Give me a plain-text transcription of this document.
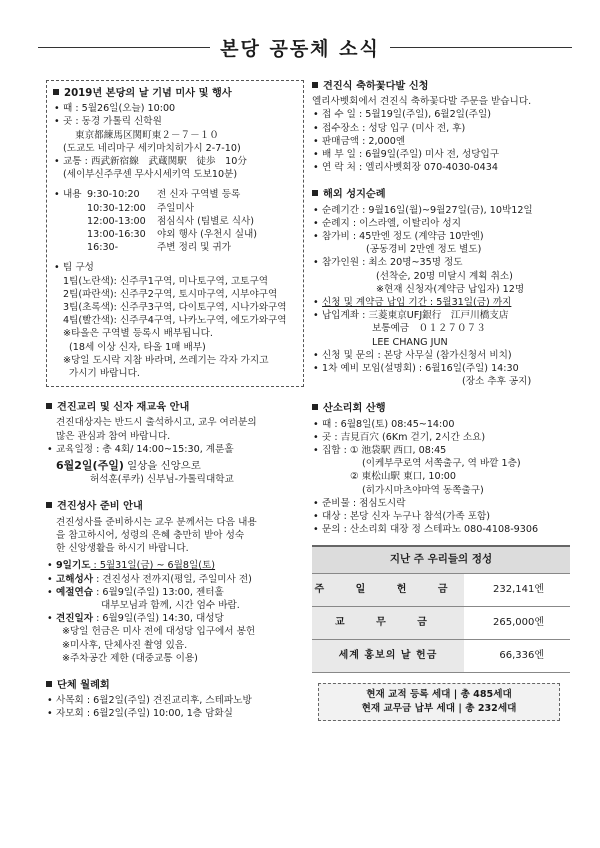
본당 공동체 소식
2019년 본당의 날 기념 미사 및 행사
• 때 : 5월26일(오늘) 10:00
• 곳 : 동경 가톨릭 신학원
東京都練馬区関町東２－７－１０
(도교도 네리마구 세키마치히가시 2-7-10)
• 교통 : 西武新宿線　武蔵関駅　徒歩　10分
(세이부신주쿠센 무사시세키역 도보10분)
• 내용 9:30-10:20	전 신자 구역별 등록
10:30-12:00	주일미사
12:00-13:00	점심식사 (팀별로 식사)
13:00-16:30	야외 행사 (우천시 실내)
16:30-	주변 정리 및 귀가
• 팀 구성
1팀(노란색): 신주쿠1구역, 미나토구역, 고토구역
2팀(파란색): 신주쿠2구역, 토시마구역, 시부야구역
3팀(초록색): 신주쿠3구역, 다이토구역, 시나가와구역
4팀(빨간색): 신주쿠4구역, 나카노구역, 에도가와구역
※타올은 구역별 등록시 배부됩니다.
(18세 이상 신자, 타올 1매 배부)
※당일 도시락 지참 바라며, 쓰레기는 각자 가지고
가시기 바랍니다.
견진교리 및 신자 재교육 안내
견진대상자는 반드시 출석하시고, 교우 여러분의
많은 관심과 참여 바랍니다.
• 교육일정 : 총 4회/ 14:00~15:30, 계룬홀
6월2일(주일) 일상을 신앙으로
허석훈(루카) 신부님-가톨릭대학교
견진성사 준비 안내
견진성사를 준비하시는 교우 분께서는 다음 내용
을 참고하시어, 성령의 은혜 충만히 받아 성숙
한 신앙생활을 하시기 바랍니다.
• 9일기도 : 5월31일(금) ~ 6월8일(토)
• 고해성사 : 견진성사 전까지(평일, 주일미사 전)
• 예절연습 : 6월9일(주일) 13:00, 젠터홀
대부모님과 함께, 시간 엄수 바람.
• 견진일자 : 6월9일(주일) 14:30, 대성당
※당일 헌금은 미사 전에 대성당 입구에서 봉헌
※미사후, 단체사진 촬영 있음.
※주차공간 제한 (대중교통 이용)
단체 월례회
• 사목회 : 6월2일(주일) 견진교리후, 스테파노방
• 자모회 : 6월2일(주일) 10:00, 1층 담화실
견진식 축하꽃다발 신청
엘리사벳회에서 견진식 축하꽃다발 주문을 받습니다.
• 접 수 일 : 5월19일(주일), 6월2일(주일)
• 접수장소 : 성당 입구 (미사 전, 후)
• 판매금액 : 2,000엔
• 배 부 일 : 6월9일(주일) 미사 전, 성당입구
• 연 락 처 : 엘리사벳회장 070-4030-0434
해외 성지순례
• 순례기간 : 9월16일(월)~9월27일(금), 10박12일
• 순례지 : 이스라엘, 이탈리아 성지
• 참가비 : 45만엔 정도 (계약금 10만엔)
(공동경비 2만엔 정도 별도)
• 참가인원 : 최소 20명~35명 정도
(선착순, 20명 미달시 계획 취소)
※현재 신청자(계약금 납입자) 12명
• 신청 및 계약금 납입 기간 : 5월31일(금) 까지
• 납입계좌 : 三菱東京UFJ銀行　江戸川橋支店
보통예금　０１２７０７３
LEE CHANG JUN
• 신청 및 문의 : 본당 사무실 (참가신청서 비치)
• 1차 예비 모임(설명회) : 6월16일(주일) 14:30
(장소 추후 공지)
산소리회 산행
• 때 : 6월8일(토) 08:45~14:00
• 곳 : 吉見百穴 (6Km 걷기, 2시간 소요)
• 집합 : ① 池袋駅 西口, 08:45
(이케부쿠로역 서쪽출구, 역 바깥 1층)
② 東松山駅 東口, 10:00
(히가시마츠야마역 동쪽출구)
• 준비물 : 점심도시락
• 대상 : 본당 신자 누구나 참석(가족 포함)
• 문의 : 산소리회 대장 정 스테파노 080-4108-9306
지난 주 우리들의 정성	
주 일 헌 금	232,141엔
교 무 금	265,000엔
세계 홍보의 날 헌금	66,336엔
현재 교적 등록 세대 | 총 485세대
현재 교무금 납부 세대 | 총 232세대
